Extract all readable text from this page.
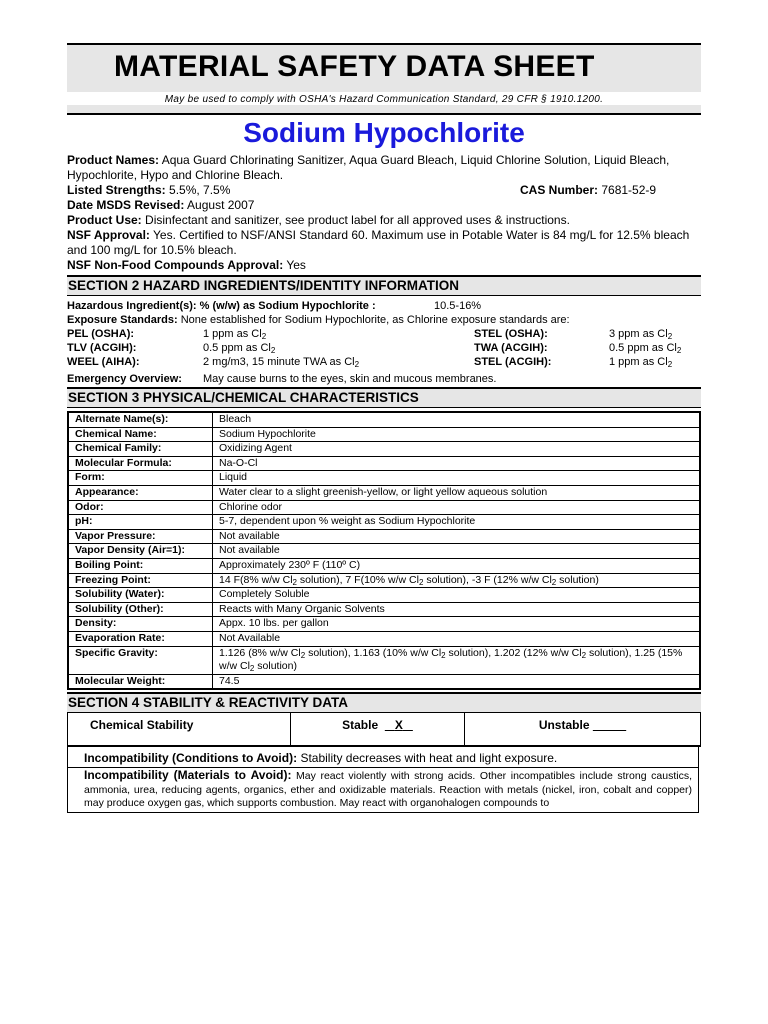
MATERIAL SAFETY DATA SHEET
May be used to comply with OSHA's Hazard Communication Standard, 29 CFR § 1910.1200.
Sodium Hypochlorite
Product Names: Aqua Guard Chlorinating Sanitizer, Aqua Guard Bleach, Liquid Chlorine Solution, Liquid Bleach, Hypochlorite, Hypo and Chlorine Bleach.
Listed Strengths: 5.5%, 7.5%	CAS Number: 7681-52-9
Date MSDS Revised: August 2007
Product Use: Disinfectant and sanitizer, see product label for all approved uses & instructions.
NSF Approval: Yes. Certified to NSF/ANSI Standard 60. Maximum use in Potable Water is 84 mg/L for 12.5% bleach and 100 mg/L for 10.5% bleach.
NSF Non-Food Compounds Approval: Yes
SECTION 2 HAZARD INGREDIENTS/IDENTITY INFORMATION
Hazardous Ingredient(s): % (w/w) as Sodium Hypochlorite :	10.5-16%
Exposure Standards: None established for Sodium Hypochlorite, as Chlorine exposure standards are:
PEL (OSHA):	1 ppm as $Cl_2$	STEL (OSHA):	3 ppm as $Cl_2$
TLV (ACGIH):	0.5 ppm as $Cl_2$	TWA (ACGIH):	0.5 ppm as $Cl_2$
WEEL (AIHA):	2 mg/m3, 15 minute TWA as $Cl_2$	STEL (ACGIH):	1 ppm as $Cl_2$
Emergency Overview: May cause burns to the eyes, skin and mucous membranes.
SECTION 3 PHYSICAL/CHEMICAL CHARACTERISTICS
Alternate Name(s):	Bleach
Chemical Name:	Sodium Hypochlorite
Chemical Family:	Oxidizing Agent
Molecular Formula:	Na-O-Cl
Form:	Liquid
Appearance:	Water clear to a slight greenish-yellow, or light yellow aqueous solution
Odor:	Chlorine odor
pH:	5-7, dependent upon % weight as Sodium Hypochlorite
Vapor Pressure:	Not available
Vapor Density (Air=1):	Not available
Boiling Point:	Approximately 230º F (110º C)
Freezing Point:	14 F(8% w/w $Cl_2$ solution), 7 F(10% w/w $Cl_2$ solution), -3 F (12% w/w $Cl_2$ solution)
Solubility (Water):	Completely Soluble
Solubility (Other):	Reacts with Many Organic Solvents
Density:	Appx. 10 lbs. per gallon
Evaporation Rate:	Not Available
Specific Gravity:	1.126 (8% w/w $Cl_2$ solution), 1.163 (10% w/w $Cl_2$ solution), 1.202 (12% w/w $Cl_2$ solution), 1.25 (15% w/w $Cl_2$ solution)
Molecular Weight:	74.5
SECTION 4 STABILITY & REACTIVITY DATA
Chemical Stability	Stable X	Unstable
Incompatibility (Conditions to Avoid): Stability decreases with heat and light exposure.
Incompatibility (Materials to Avoid): May react violently with strong acids. Other incompatibles include strong caustics, ammonia, urea, reducing agents, organics, ether and oxidizable materials. Reaction with metals (nickel, iron, cobalt and copper) may produce oxygen gas, which supports combustion. May react with organohalogen compounds to
